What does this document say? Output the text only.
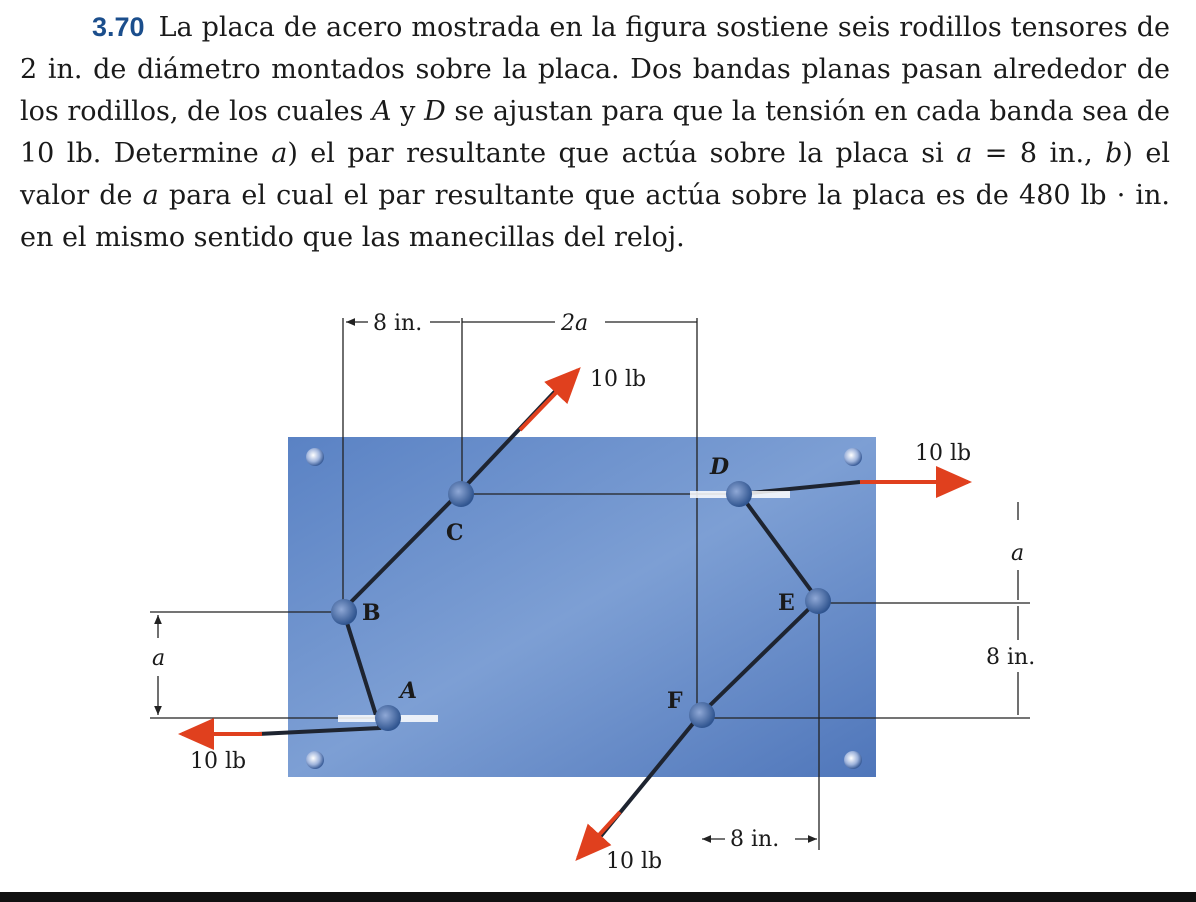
3.70 La placa de acero mostrada en la figura sostiene seis rodillos tensores de 2 in. de diámetro montados sobre la placa. Dos bandas planas pasan alrededor de los rodillos, de los cuales A y D se ajustan para que la tensión en cada banda sea de 10 lb. Determine a) el par resultante que actúa sobre la placa si a = 8 in., b) el valor de a para el cual el par resultante que actúa sobre la placa es de 480 lb · in. en el mismo sentido que las manecillas del reloj.
A
B
C
D
E
F
8 in.	2a
a
8 in.
a
8 in.
10 lb
10 lb
10 lb
10 lb
